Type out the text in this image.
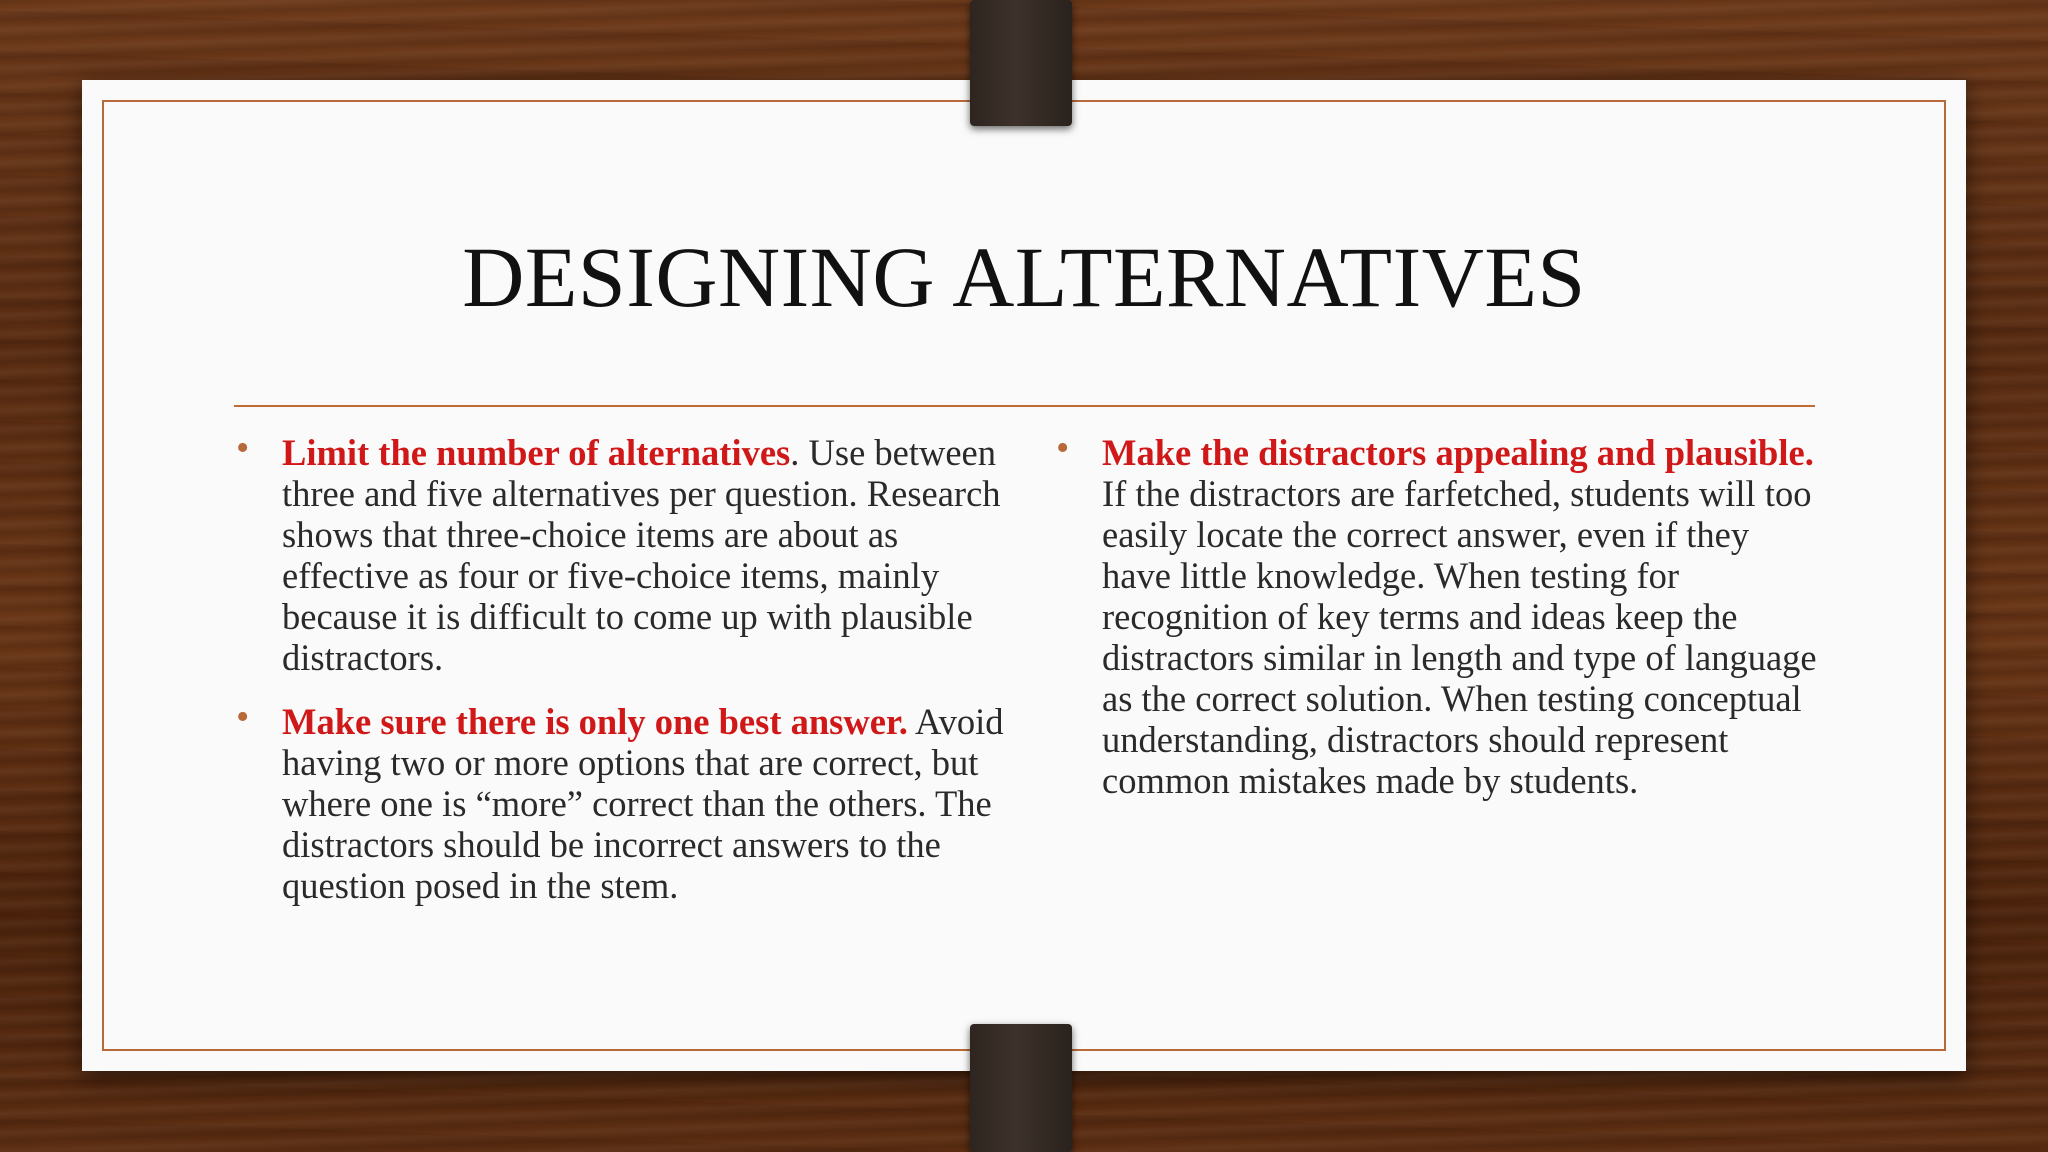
DESIGNING ALTERNATIVES
• Limit the number of alternatives. Use between three and five alternatives per question. Research shows that three-choice items are about as effective as four or five-choice items, mainly because it is difficult to come up with plausible distractors.
• Make sure there is only one best answer. Avoid having two or more options that are correct, but where one is “more” correct than the others. The distractors should be incorrect answers to the question posed in the stem.
• Make the distractors appealing and plausible. If the distractors are farfetched, students will too easily locate the correct answer, even if they have little knowledge. When testing for recognition of key terms and ideas keep the distractors similar in length and type of language as the correct solution. When testing conceptual understanding, distractors should represent common mistakes made by students.
